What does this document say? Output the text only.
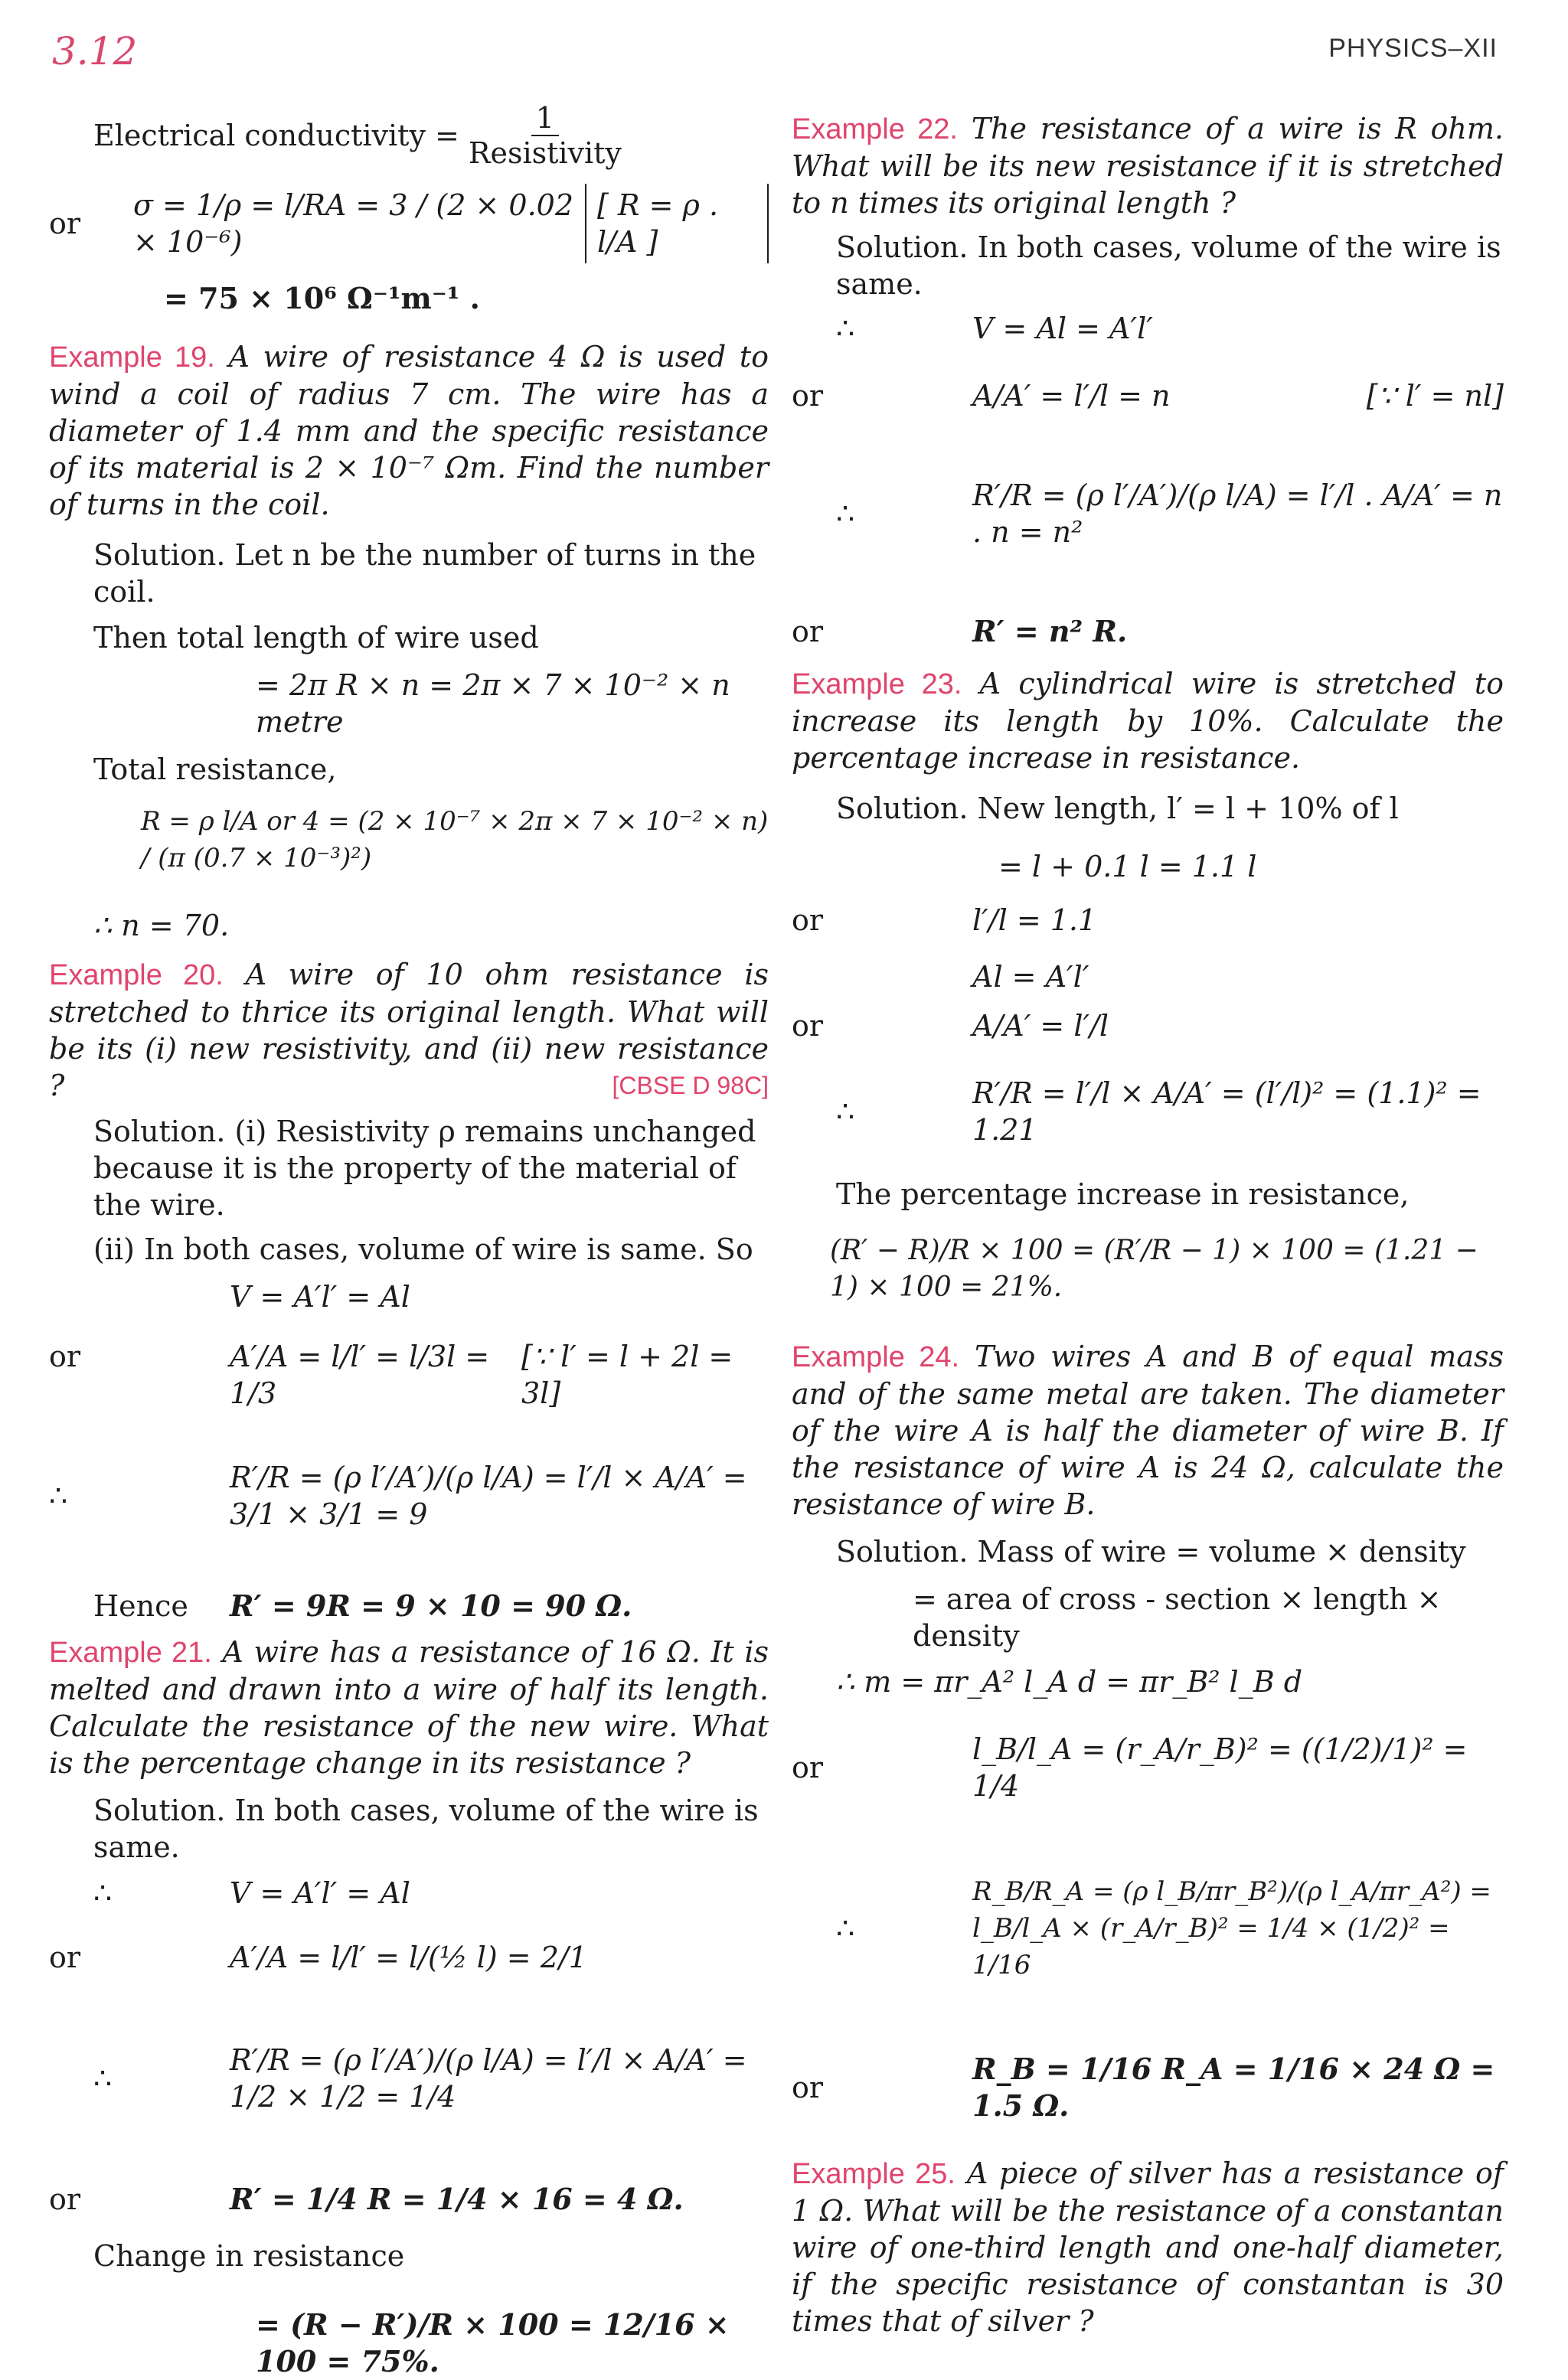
3.12	PHYSICS–XII
Electrical conductivity = $\frac{1}{\text{Resistivity}}$
or
σ = 1/ρ = l/RA = 3 / (2 × 0.02 × 10⁻⁶)
[ R = ρ . l/A ]
= 75 × 10⁶ Ω⁻¹m⁻¹ .

Example 19. A wire of resistance 4 Ω is used to wind a coil of radius 7 cm. The wire has a diameter of 1.4 mm and the specific resistance of its material is 2 × 10⁻⁷ Ωm. Find the number of turns in the coil.

Solution. Let n be the number of turns in the coil.

Then total length of wire used

= 2π R × n = 2π × 7 × 10⁻² × n metre

Total resistance,

R = ρ l/A or 4 = (2 × 10⁻⁷ × 2π × 7 × 10⁻² × n) / (π (0.7 × 10⁻³)²)

∴ n = 70.

Example 20. A wire of 10 ohm resistance is stretched to thrice its original length. What will be its (i) new resistivity, and (ii) new resistance ?	[CBSE D 98C]

Solution. (i) Resistivity ρ remains unchanged because it is the property of the material of the wire.

(ii) In both cases, volume of wire is same. So

V = A′l′ = Al

or	A′/A = l/l′ = l/3l = 1/3
[∵ l′ = l + 2l = 3l]
∴
R′/R = (ρ l′/A′)/(ρ l/A) = l′/l × A/A′ = 3/1 × 3/1 = 9
Hence	R′ = 9R = 9 × 10 = 90 Ω.

Example 21. A wire has a resistance of 16 Ω. It is melted and drawn into a wire of half its length. Calculate the resistance of the new wire. What is the percentage change in its resistance ?

Solution. In both cases, volume of the wire is same.

∴	V = A′l′ = Al
or	A′/A = l/l′ = l/(½ l) = 2/1
∴
R′/R = (ρ l′/A′)/(ρ l/A) = l′/l × A/A′ = 1/2 × 1/2 = 1/4
or	R′ = 1/4 R = 1/4 × 16 = 4 Ω.

Change in resistance

= (R − R′)/R × 100 = 12/16 × 100 = 75%.

Example 22. The resistance of a wire is R ohm. What will be its new resistance if it is stretched to n times its original length ?

Solution. In both cases, volume of the wire is same.

∴	V = Al = A′l′
or	A/A′ = l′/l = n	[∵ l′ = nl]
∴
R′/R = (ρ l′/A′)/(ρ l/A) = l′/l . A/A′ = n . n = n²
or	R′ = n² R.

Example 23. A cylindrical wire is stretched to increase its length by 10%. Calculate the percentage increase in resistance.

Solution. New length, l′ = l + 10% of l

= l + 0.1 l = 1.1 l

or	l′/l = 1.1

Al = A′l′

or	A/A′ = l′/l
∴
R′/R = l′/l × A/A′ = (l′/l)² = (1.1)² = 1.21

The percentage increase in resistance,

(R′ − R)/R × 100 = (R′/R − 1) × 100 = (1.21 − 1) × 100 = 21%.

Example 24. Two wires A and B of equal mass and of the same metal are taken. The diameter of the wire A is half the diameter of wire B. If the resistance of wire A is 24 Ω, calculate the resistance of wire B.

Solution. Mass of wire = volume × density

= area of cross - section × length × density

∴ m = πr_A² l_A d = πr_B² l_B d

or
l_B/l_A = (r_A/r_B)² = ((1/2)/1)² = 1/4
∴
R_B/R_A = (ρ l_B/πr_B²)/(ρ l_A/πr_A²) = l_B/l_A × (r_A/r_B)² = 1/4 × (1/2)² = 1/16
or
R_B = 1/16 R_A = 1/16 × 24 Ω = 1.5 Ω.

Example 25. A piece of silver has a resistance of 1 Ω. What will be the resistance of a constantan wire of one-third length and one-half diameter, if the specific resistance of constantan is 30 times that of silver ?
